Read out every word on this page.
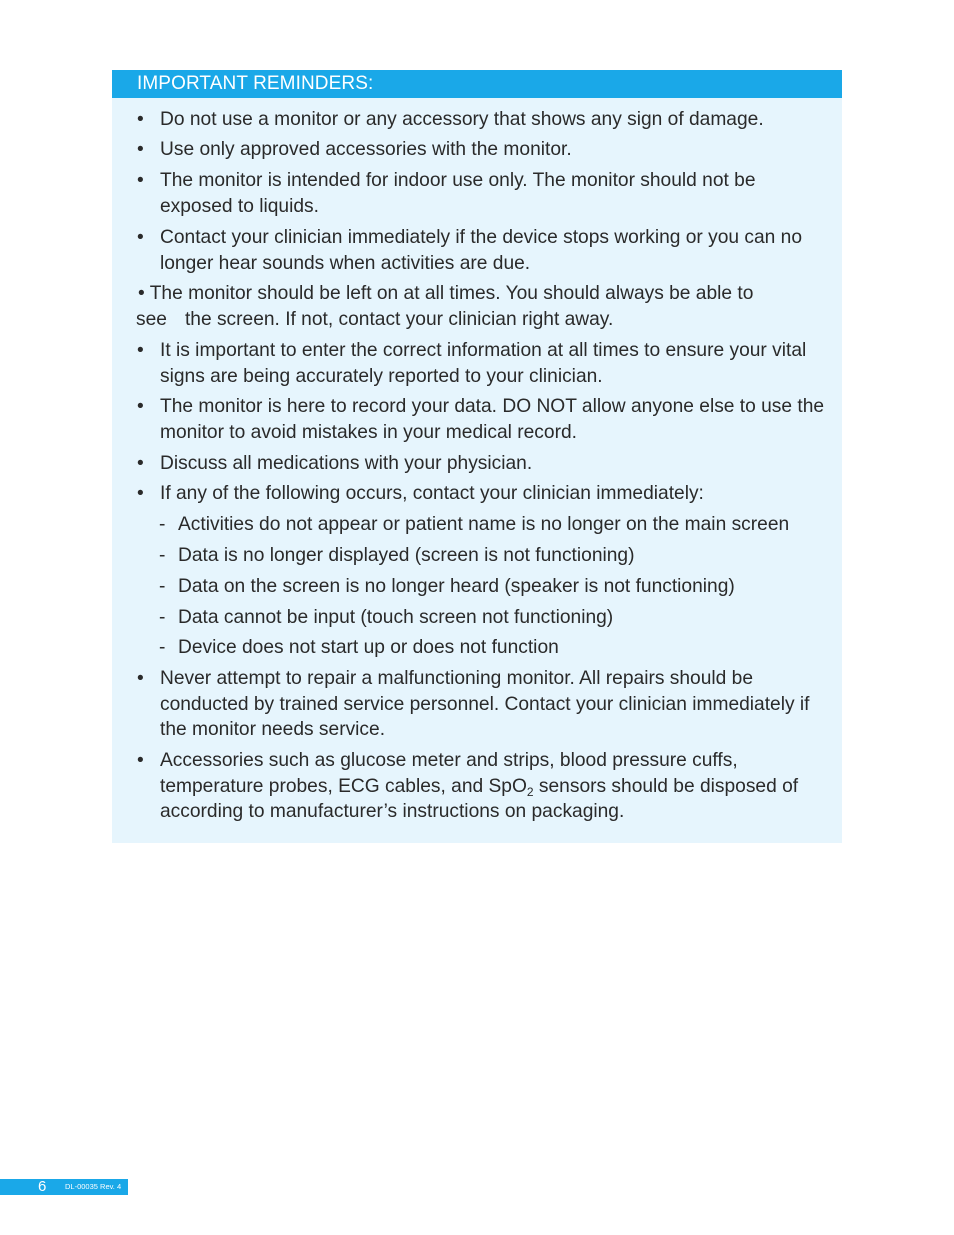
IMPORTANT REMINDERS:
• Do not use a monitor or any accessory that shows any sign of damage.
• Use only approved accessories with the monitor.
• The monitor is intended for indoor use only. The monitor should not be exposed to liquids.
• Contact your clinician immediately if the device stops working or you can no longer hear sounds when activities are due.
• The monitor should be left on at all times. You should always be able to
see the screen. If not, contact your clinician right away.
• It is important to enter the correct information at all times to ensure your vital signs are being accurately reported to your clinician.
• The monitor is here to record your data. DO NOT allow anyone else to use the monitor to avoid mistakes in your medical record.
• Discuss all medications with your physician.
• If any of the following occurs, contact your clinician immediately:
- Activities do not appear or patient name is no longer on the main screen
- Data is no longer displayed (screen is not functioning)
- Data on the screen is no longer heard (speaker is not functioning)
- Data cannot be input (touch screen not functioning)
- Device does not start up or does not function
• Never attempt to repair a malfunctioning monitor. All repairs should be conducted by trained service personnel. Contact your clinician immediately if the monitor needs service.
• Accessories such as glucose meter and strips, blood pressure cuffs,
temperature probes, ECG cables, and SpO$_2$ sensors should be disposed of
according to manufacturer’s instructions on packaging.
6 DL-00035 Rev. 4
